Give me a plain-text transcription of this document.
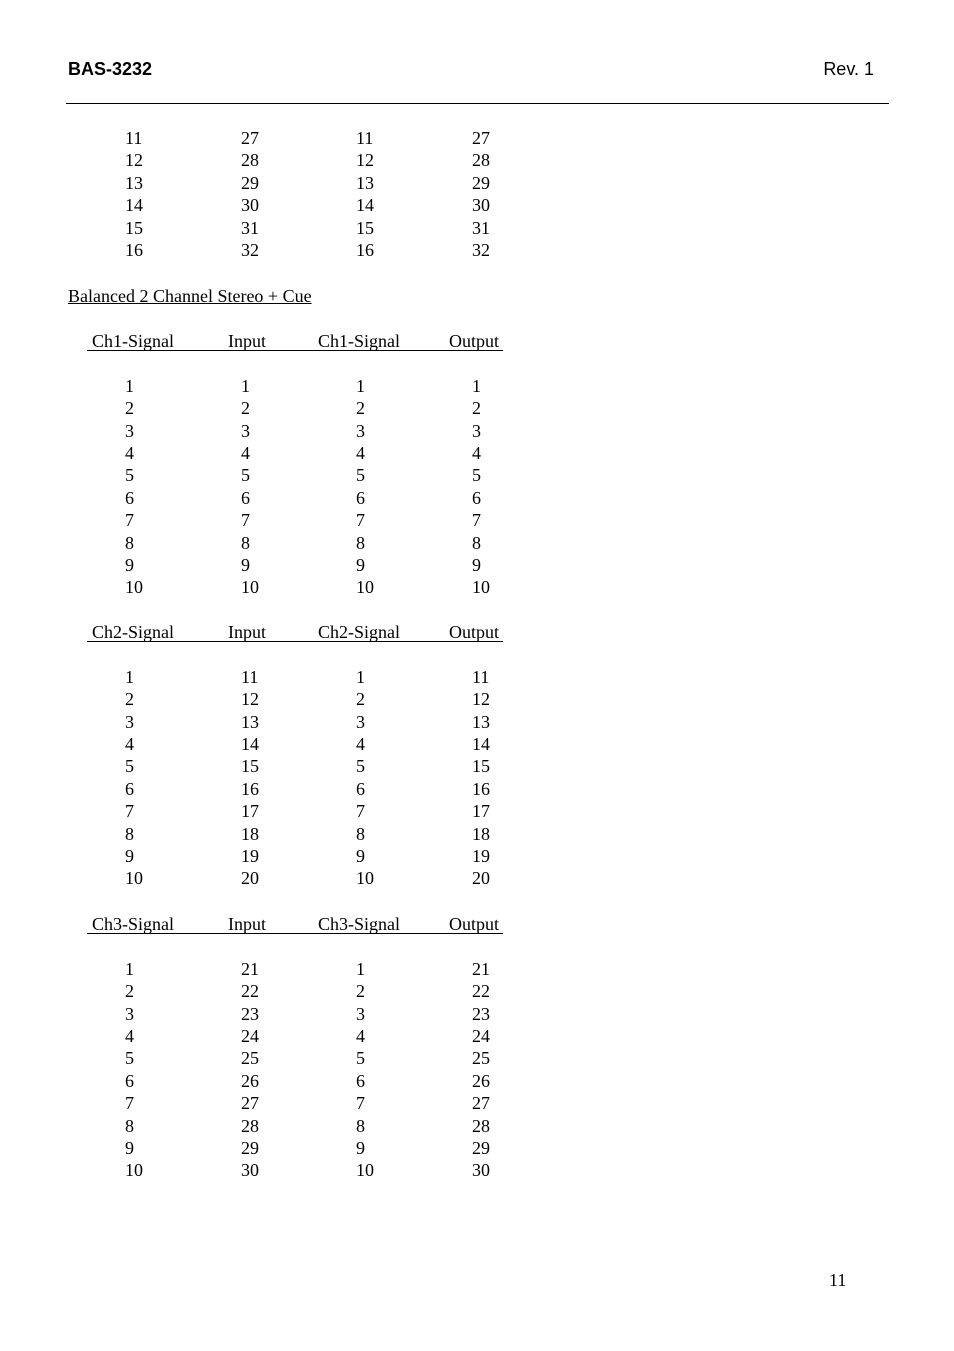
BAS-3232	Rev. 1
11	27	11	27
12	28	12	28
13	29	13	29
14	30	14	30
15	31	15	31
16	32	16	32
Balanced 2 Channel Stereo + Cue
Ch1-Signal	Input	Ch1-Signal	Output
1	1	1	1
2	2	2	2
3	3	3	3
4	4	4	4
5	5	5	5
6	6	6	6
7	7	7	7
8	8	8	8
9	9	9	9
10	10	10	10
Ch2-Signal	Input	Ch2-Signal	Output
1	11	1	11
2	12	2	12
3	13	3	13
4	14	4	14
5	15	5	15
6	16	6	16
7	17	7	17
8	18	8	18
9	19	9	19
10	20	10	20
Ch3-Signal	Input	Ch3-Signal	Output
1	21	1	21
2	22	2	22
3	23	3	23
4	24	4	24
5	25	5	25
6	26	6	26
7	27	7	27
8	28	8	28
9	29	9	29
10	30	10	30
11
